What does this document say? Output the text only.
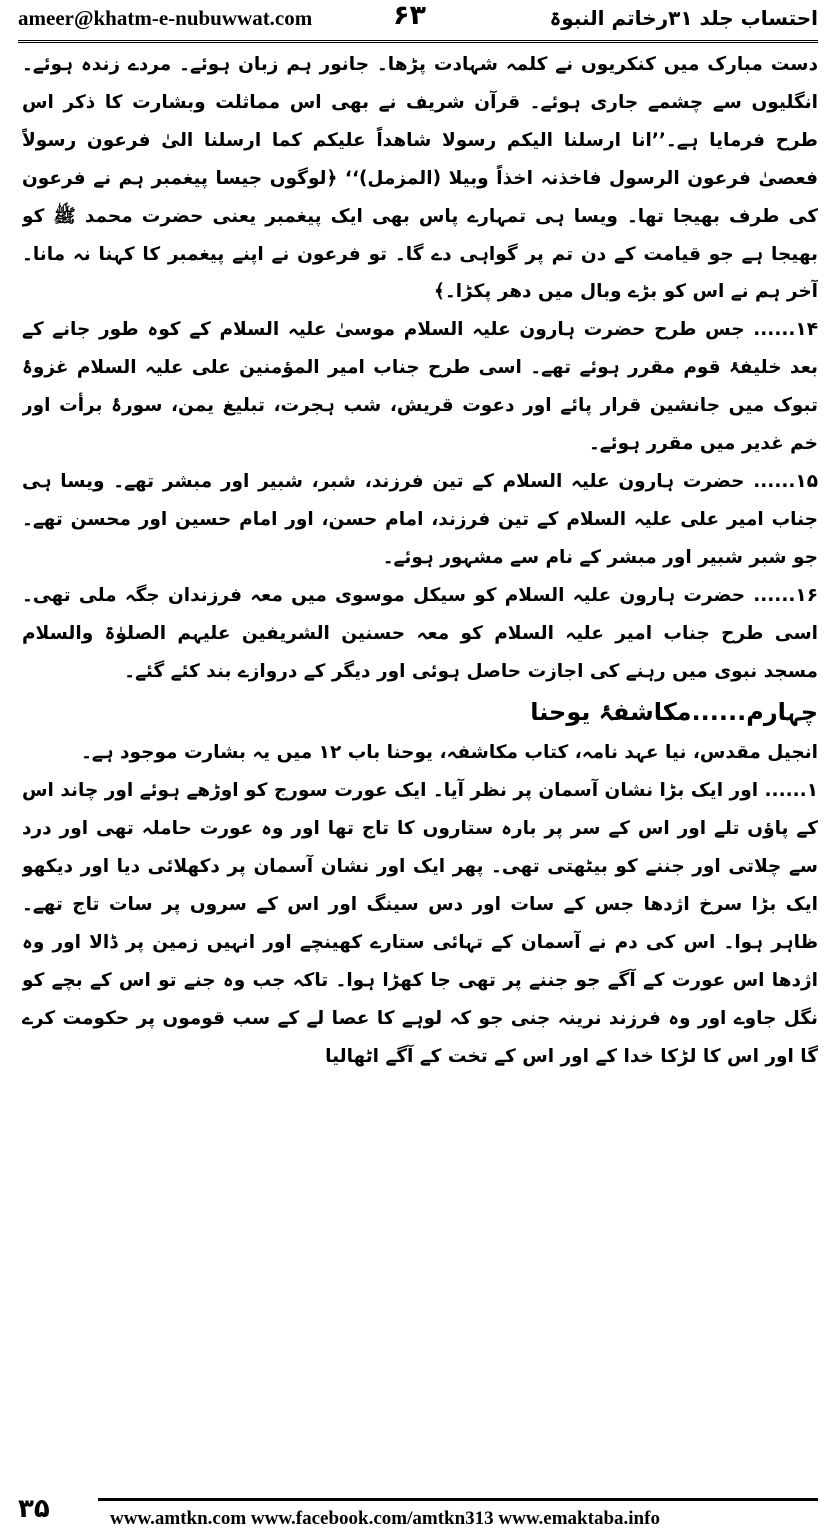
ameer@khatm-e-nubuwwat.com	۶۳	احتساب جلد ۳۱رخاتم النبوۃ

دست مبارک میں کنکریوں نے کلمہ شہادت پڑھا۔ جانور ہم زبان ہوئے۔ مردے زندہ ہوئے۔ انگلیوں سے چشمے جاری ہوئے۔ قرآن شریف نے بھی اس مماثلت وبشارت کا ذکر اس طرح فرمایا ہے۔’’انا ارسلنا الیکم رسولا شاھداً علیکم کما ارسلنا الیٰ فرعون رسولاً فعصیٰ فرعون الرسول فاخذنہ اخذاً وبیلا (المزمل)‘‘ ﴿لوگوں جیسا پیغمبر ہم نے فرعون کی طرف بھیجا تھا۔ ویسا ہی تمہارے پاس بھی ایک پیغمبر یعنی حضرت محمد ﷺ کو بھیجا ہے جو قیامت کے دن تم پر گواہی دے گا۔ تو فرعون نے اپنے پیغمبر کا کہنا نہ مانا۔ آخر ہم نے اس کو بڑے وبال میں دھر پکڑا۔﴾

۱۴...... جس طرح حضرت ہارون علیہ السلام موسیٰ علیہ السلام کے کوہ طور جانے کے بعد خلیفۂ قوم مقرر ہوئے تھے۔ اسی طرح جناب امیر المؤمنین علی علیہ السلام غزوۂ تبوک میں جانشین قرار پائے اور دعوت قریش، شب ہجرت، تبلیغ یمن، سورۂ برأت اور خم غدیر میں مقرر ہوئے۔

۱۵...... حضرت ہارون علیہ السلام کے تین فرزند، شبر، شبیر اور مبشر تھے۔ ویسا ہی جناب امیر علی علیہ السلام کے تین فرزند، امام حسن، اور امام حسین اور محسن تھے۔ جو شبر شبیر اور مبشر کے نام سے مشہور ہوئے۔

۱۶...... حضرت ہارون علیہ السلام کو سیکل موسوی میں معہ فرزندان جگہ ملی تھی۔ اسی طرح جناب امیر علیہ السلام کو معہ حسنین الشریفین علیہم الصلوٰۃ والسلام مسجد نبوی میں رہنے کی اجازت حاصل ہوئی اور دیگر کے دروازے بند کئے گئے۔

چہارم......مکاشفۂ یوحنا

انجیل مقدس، نیا عہد نامہ، کتاب مکاشفہ، یوحنا باب ۱۲ میں یہ بشارت موجود ہے۔

۱...... اور ایک بڑا نشان آسمان پر نظر آیا۔ ایک عورت سورج کو اوڑھے ہوئے اور چاند اس کے پاؤں تلے اور اس کے سر پر بارہ ستاروں کا تاج تھا اور وہ عورت حاملہ تھی اور درد سے چلاتی اور جننے کو بیٹھتی تھی۔ پھر ایک اور نشان آسمان پر دکھلائی دیا اور دیکھو ایک بڑا سرخ اژدھا جس کے سات اور دس سینگ اور اس کے سروں پر سات تاج تھے۔ ظاہر ہوا۔ اس کی دم نے آسمان کے تہائی ستارے کھینچے اور انہیں زمین پر ڈالا اور وہ اژدھا اس عورت کے آگے جو جننے پر تھی جا کھڑا ہوا۔ تاکہ جب وہ جنے تو اس کے بچے کو نگل جاوے اور وہ فرزند نرینہ جنی جو کہ لوہے کا عصا لے کے سب قوموں پر حکومت کرے گا اور اس کا لڑکا خدا کے اور اس کے تخت کے آگے اٹھالیا

۳۵	www.amtkn.com www.facebook.com/amtkn313 www.emaktaba.info
